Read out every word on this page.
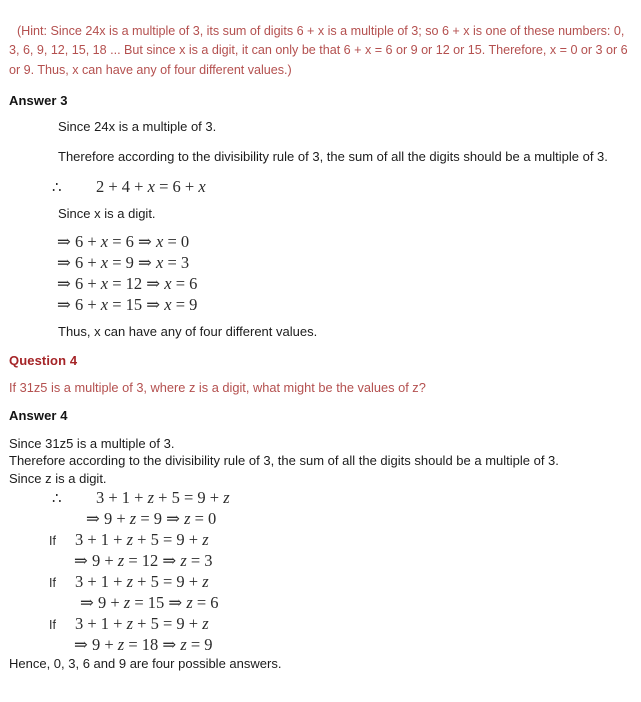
(Hint: Since 24x is a multiple of 3, its sum of digits 6 + x is a multiple of 3; so 6 + x is one of these numbers: 0, 3, 6, 9, 12, 15, 18 ... But since x is a digit, it can only be that 6 + x = 6 or 9 or 12 or 15. Therefore, x = 0 or 3 or 6 or 9. Thus, x can have any of four different values.)

Answer 3

Since 24x is a multiple of 3.

Therefore according to the divisibility rule of 3, the sum of all the digits should be a multiple of 3.

∴	2 + 4 + x = 6 + x

Since x is a digit.

⇒ 6 + x = 6 ⇒ x = 0
⇒ 6 + x = 9 ⇒ x = 3
⇒ 6 + x = 12 ⇒ x = 6
⇒ 6 + x = 15 ⇒ x = 9

Thus, x can have any of four different values.

Question 4
If 31z5 is a multiple of 3, where z is a digit, what might be the values of z?
Answer 4

Since 31z5 is a multiple of 3.

Therefore according to the divisibility rule of 3, the sum of all the digits should be a multiple of 3.

Since z is a digit.

∴	3 + 1 + z + 5 = 9 + z
⇒ 9 + z = 9 ⇒ z = 0
If	3 + 1 + z + 5 = 9 + z
⇒ 9 + z = 12 ⇒ z = 3
If	3 + 1 + z + 5 = 9 + z
⇒ 9 + z = 15 ⇒ z = 6
If	3 + 1 + z + 5 = 9 + z
⇒ 9 + z = 18 ⇒ z = 9

Hence, 0, 3, 6 and 9 are four possible answers.
